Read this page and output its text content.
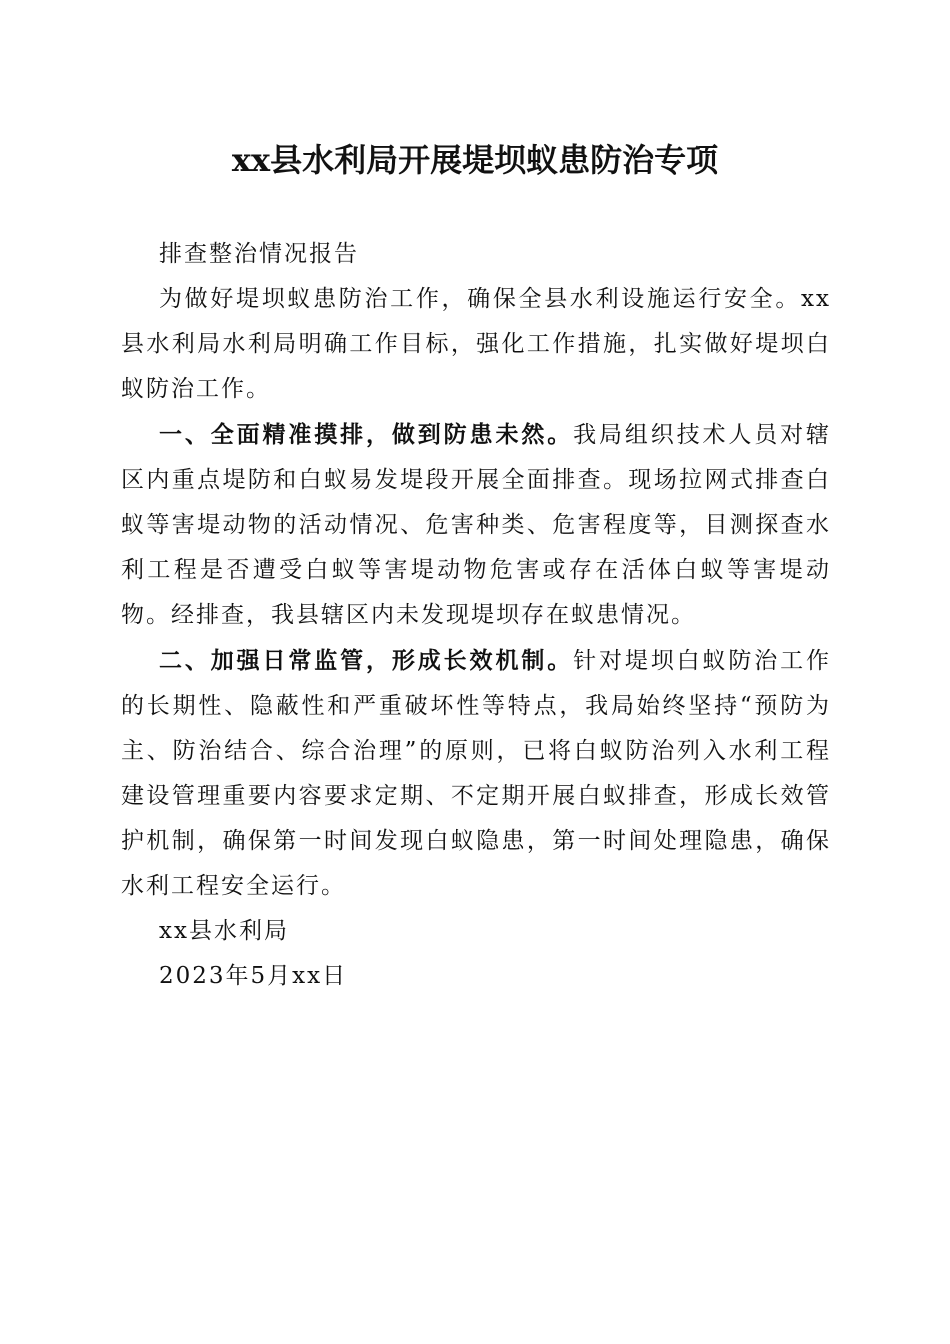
xx县水利局开展堤坝蚁患防治专项

排查整治情况报告

为做好堤坝蚁患防治工作，确保全县水利设施运行安全。xx县水利局水利局明确工作目标，强化工作措施，扎实做好堤坝白蚁防治工作。

一、全面精准摸排，做到防患未然。我局组织技术人员对辖区内重点堤防和白蚁易发堤段开展全面排查。现场拉网式排查白蚁等害堤动物的活动情况、危害种类、危害程度等，目测探查水利工程是否遭受白蚁等害堤动物危害或存在活体白蚁等害堤动物。经排查，我县辖区内未发现堤坝存在蚁患情况。

二、加强日常监管，形成长效机制。针对堤坝白蚁防治工作的长期性、隐蔽性和严重破坏性等特点，我局始终坚持“预防为主、防治结合、综合治理”的原则，已将白蚁防治列入水利工程建设管理重要内容要求定期、不定期开展白蚁排查，形成长效管护机制，确保第一时间发现白蚁隐患，第一时间处理隐患，确保水利工程安全运行。

xx县水利局

2023年5月xx日
